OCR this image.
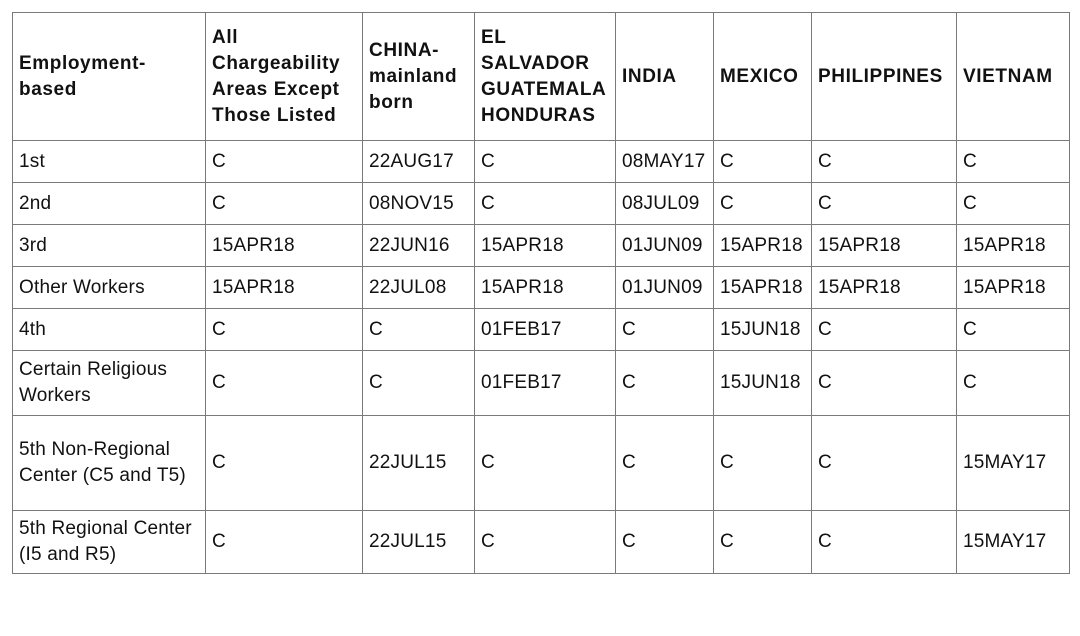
Employment-based	All Chargeability Areas Except Those Listed	CHINA-mainland born	EL SALVADOR GUATEMALA HONDURAS	INDIA	MEXICO	PHILIPPINES	VIETNAM
1st	C	22AUG17	C	08MAY17	C	C	C
2nd	C	08NOV15	C	08JUL09	C	C	C
3rd	15APR18	22JUN16	15APR18	01JUN09	15APR18	15APR18	15APR18
Other Workers	15APR18	22JUL08	15APR18	01JUN09	15APR18	15APR18	15APR18
4th	C	C	01FEB17	C	15JUN18	C	C
Certain Religious Workers	C	C	01FEB17	C	15JUN18	C	C
5th Non-Regional Center (C5 and T5)	C	22JUL15	C	C	C	C	15MAY17
5th Regional Center (I5 and R5)	C	22JUL15	C	C	C	C	15MAY17
